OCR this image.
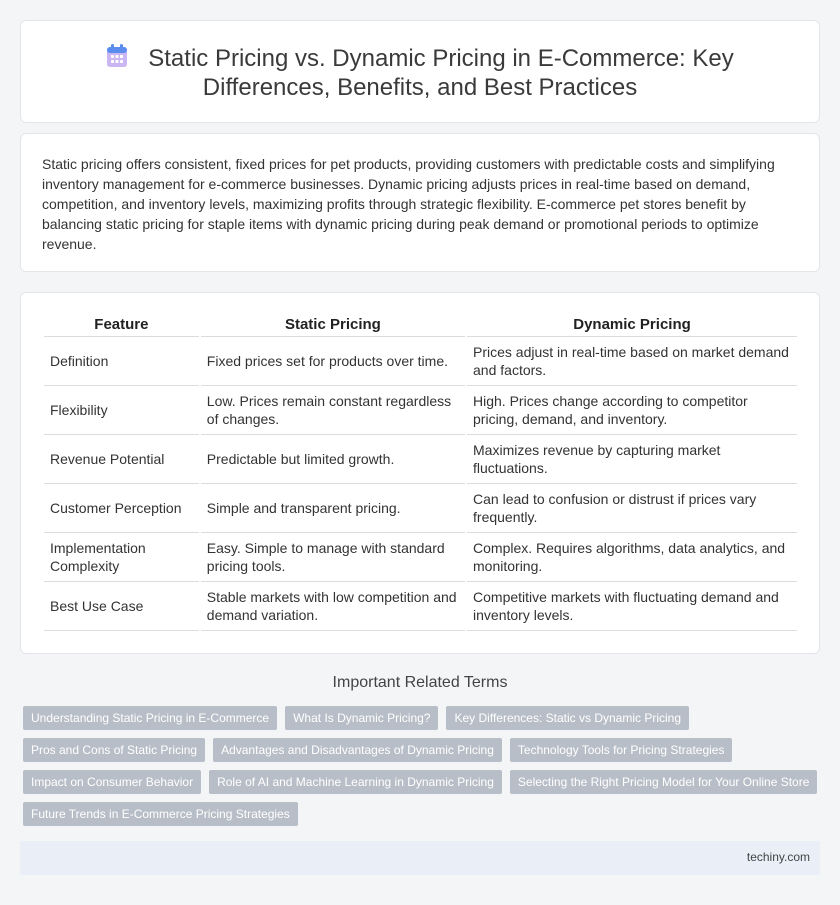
Static Pricing vs. Dynamic Pricing in E-Commerce: Key
Differences, Benefits, and Best Practices

Static pricing offers consistent, fixed prices for pet products, providing customers with predictable costs and simplifying inventory management for e-commerce businesses. Dynamic pricing adjusts prices in real-time based on demand, competition, and inventory levels, maximizing profits through strategic flexibility. E-commerce pet stores benefit by balancing static pricing for staple items with dynamic pricing during peak demand or promotional periods to optimize revenue.

Feature	Static Pricing	Dynamic Pricing
Definition	Fixed prices set for products over time.	Prices adjust in real-time based on market demand and factors.
Flexibility	Low. Prices remain constant regardless of changes.	High. Prices change according to competitor pricing, demand, and inventory.
Revenue Potential	Predictable but limited growth.	Maximizes revenue by capturing market fluctuations.
Customer Perception	Simple and transparent pricing.	Can lead to confusion or distrust if prices vary frequently.
Implementation Complexity	Easy. Simple to manage with standard pricing tools.	Complex. Requires algorithms, data analytics, and monitoring.
Best Use Case	Stable markets with low competition and demand variation.	Competitive markets with fluctuating demand and inventory levels.
Important Related Terms
Understanding Static Pricing in E-Commerce	What Is Dynamic Pricing?	Key Differences: Static vs Dynamic Pricing
Pros and Cons of Static Pricing	Advantages and Disadvantages of Dynamic Pricing	Technology Tools for Pricing Strategies
Impact on Consumer Behavior	Role of AI and Machine Learning in Dynamic Pricing	Selecting the Right Pricing Model for Your Online Store
Future Trends in E-Commerce Pricing Strategies
techiny.com
